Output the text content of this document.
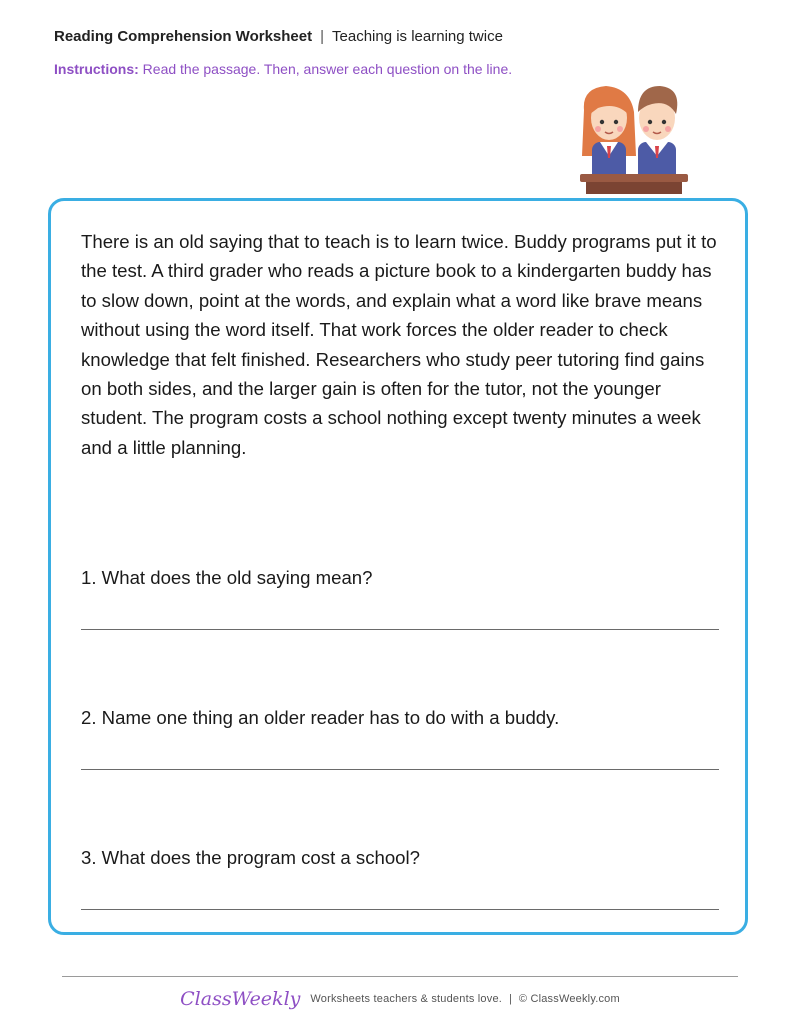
Reading Comprehension Worksheet | Teaching is learning twice
Instructions: Read the passage. Then, answer each question on the line.

There is an old saying that to teach is to learn twice. Buddy programs put it to the test. A third grader who reads a picture book to a kindergarten buddy has to slow down, point at the words, and explain what a word like brave means without using the word itself. That work forces the older reader to check knowledge that felt finished. Researchers who study peer tutoring find gains on both sides, and the larger gain is often for the tutor, not the younger student. The program costs a school nothing except twenty minutes a week and a little planning.

1. What does the old saying mean?
2. Name one thing an older reader has to do with a buddy.
3. What does the program cost a school?
ClassWeekly Worksheets teachers & students love. | © ClassWeekly.com
